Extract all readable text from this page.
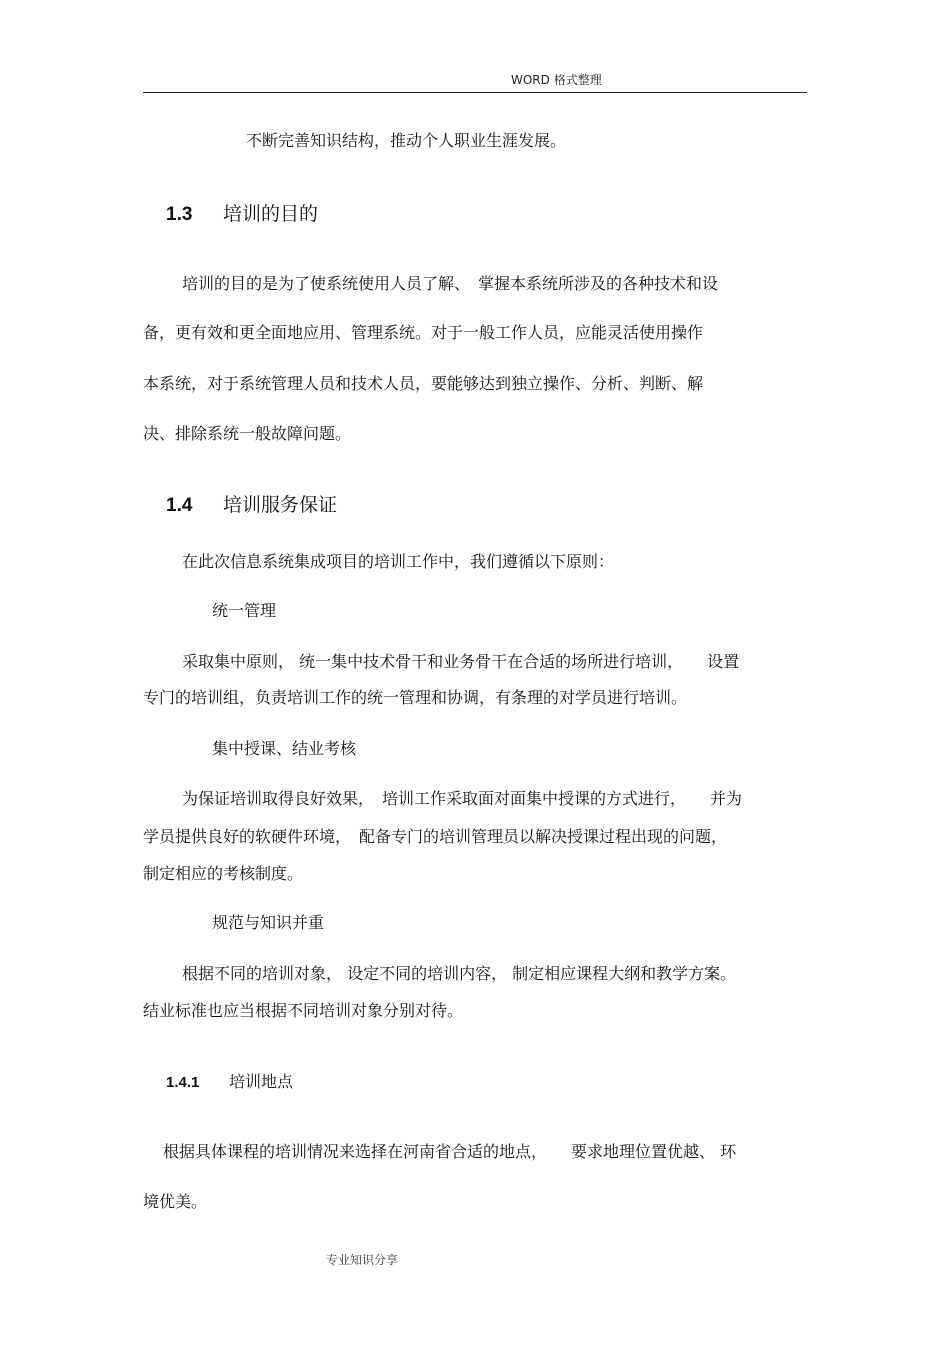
WORD 格式整理
不断完善知识结构，推动个人职业生涯发展。
1.3 培训的目的
培训的目的是为了使系统使用人员了解、　掌握本系统所涉及的各种技术和设
备，更有效和更全面地应用、管理系统。对于一般工作人员，应能灵活使用操作
本系统，对于系统管理人员和技术人员，要能够达到独立操作、分析、判断、解
决、排除系统一般故障问题。
1.4 培训服务保证
在此次信息系统集成项目的培训工作中，我们遵循以下原则：
统一管理
采取集中原则， 统一集中技术骨干和业务骨干在合适的场所进行培训，　　设置
专门的培训组，负责培训工作的统一管理和协调，有条理的对学员进行培训。
集中授课、结业考核
为保证培训取得良好效果，　培训工作采取面对面集中授课的方式进行，　　并为
学员提供良好的软硬件环境，　配备专门的培训管理员以解决授课过程出现的问题，
制定相应的考核制度。
规范与知识并重
根据不同的培训对象， 设定不同的培训内容， 制定相应课程大纲和教学方案。
结业标准也应当根据不同培训对象分别对待。
1.4.1 培训地点
根据具体课程的培训情况来选择在河南省合适的地点，　　要求地理位置优越、 环
境优美。
专业知识分享
